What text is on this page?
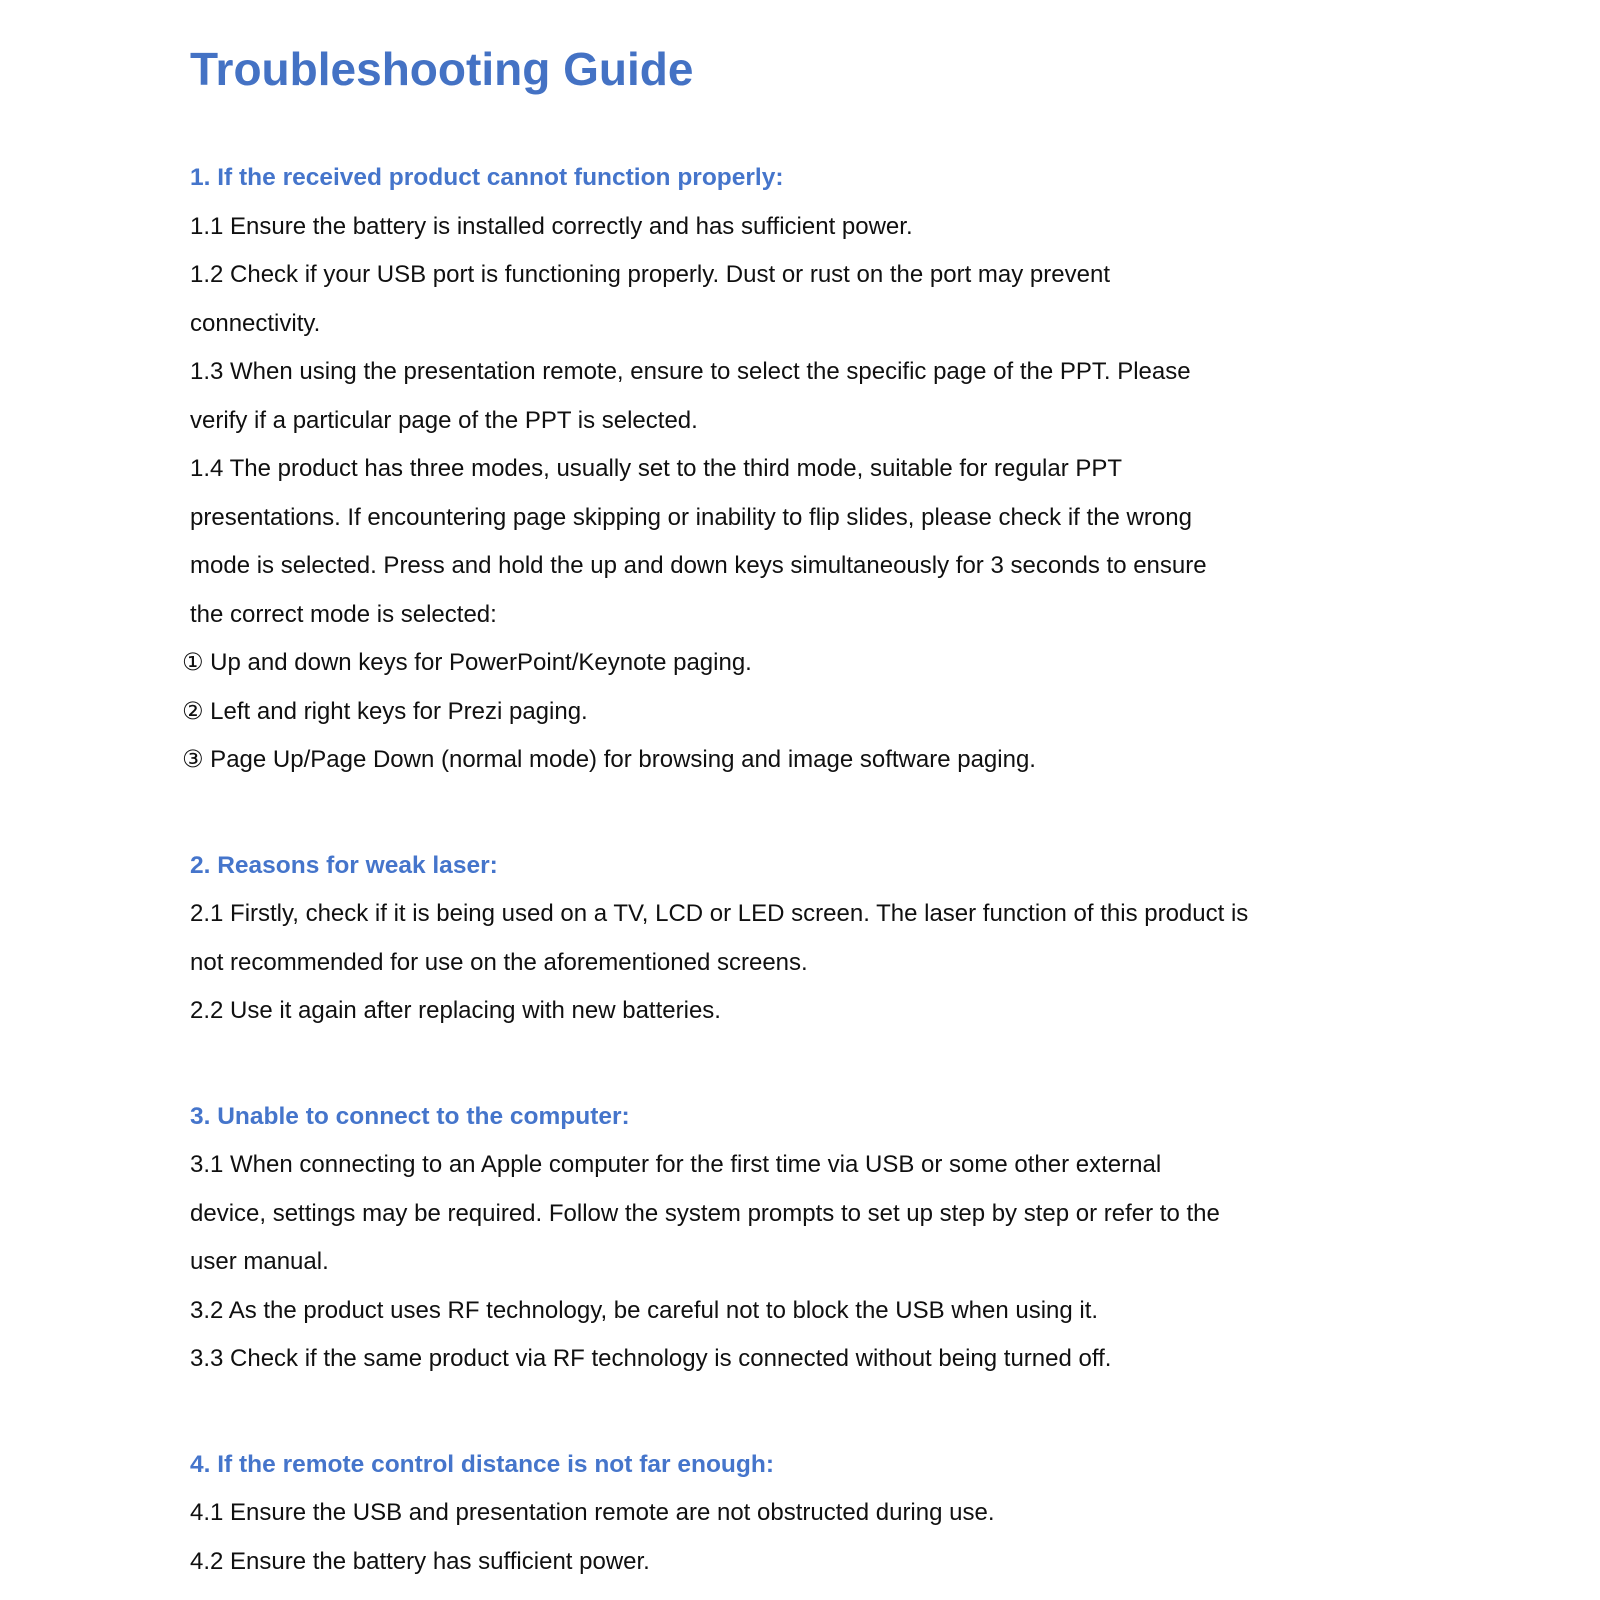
Troubleshooting Guide
1. If the received product cannot function properly:
1.1 Ensure the battery is installed correctly and has sufficient power.
1.2 Check if your USB port is functioning properly. Dust or rust on the port may prevent
connectivity.
1.3 When using the presentation remote, ensure to select the specific page of the PPT. Please
verify if a particular page of the PPT is selected.
1.4 The product has three modes, usually set to the third mode, suitable for regular PPT
presentations. If encountering page skipping or inability to flip slides, please check if the wrong
mode is selected. Press and hold the up and down keys simultaneously for 3 seconds to ensure
the correct mode is selected:
① Up and down keys for PowerPoint/Keynote paging.
② Left and right keys for Prezi paging.
③ Page Up/Page Down (normal mode) for browsing and image software paging.
2. Reasons for weak laser:
2.1 Firstly, check if it is being used on a TV, LCD or LED screen. The laser function of this product is
not recommended for use on the aforementioned screens.
2.2 Use it again after replacing with new batteries.
3. Unable to connect to the computer:
3.1 When connecting to an Apple computer for the first time via USB or some other external
device, settings may be required. Follow the system prompts to set up step by step or refer to the
user manual.
3.2 As the product uses RF technology, be careful not to block the USB when using it.
3.3 Check if the same product via RF technology is connected without being turned off.
4. If the remote control distance is not far enough:
4.1 Ensure the USB and presentation remote are not obstructed during use.
4.2 Ensure the battery has sufficient power.
